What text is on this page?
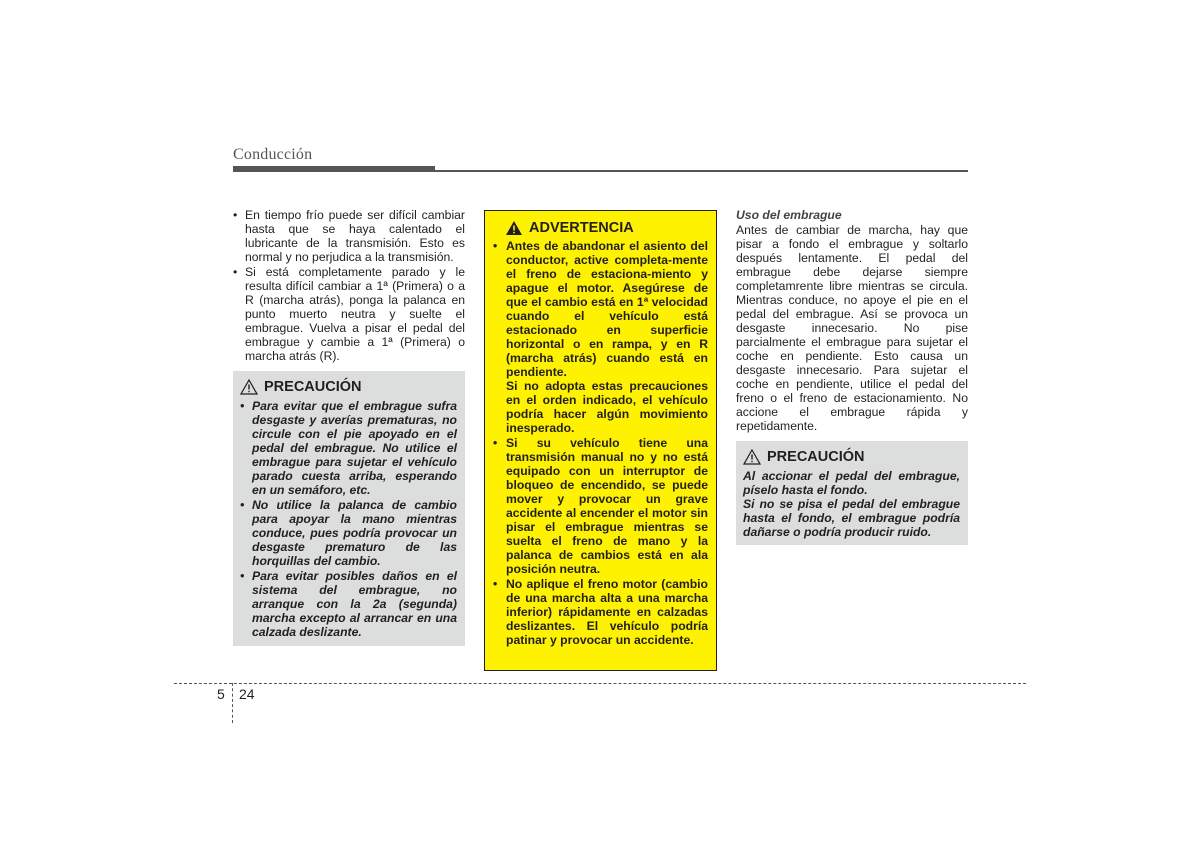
Conducción
• En tiempo frío puede ser difícil cambiar hasta que se haya calentado el lubricante de la transmisión. Esto es normal y no perjudica a la transmisión.
• Si está completamente parado y le resulta difícil cambiar a 1ª (Primera) o a R (marcha atrás), ponga la palanca en punto muerto neutra y suelte el embrague. Vuelva a pisar el pedal del embrague y cambie a 1ª (Primera) o marcha atrás (R).
PRECAUCIÓN
• Para evitar que el embrague sufra desgaste y averías prematuras, no circule con el pie apoyado en el pedal del embrague. No utilice el embrague para sujetar el vehículo parado cuesta arriba, esperando en un semáforo, etc.
• No utilice la palanca de cambio para apoyar la mano mientras conduce, pues podría provocar un desgaste prematuro de las horquillas del cambio.
• Para evitar posibles daños en el sistema del embrague, no arranque con la 2a (segunda) marcha excepto al arrancar en una calzada deslizante.
ADVERTENCIA
• Antes de abandonar el asiento del conductor, active completa-mente el freno de estaciona-miento y apague el motor. Asegúrese de que el cambio está en 1ª velocidad cuando el vehículo está estacionado en superficie horizontal o en rampa, y en R (marcha atrás) cuando está en pendiente.
Si no adopta estas precauciones en el orden indicado, el vehículo podría hacer algún movimiento inesperado.
• Si su vehículo tiene una transmisión manual no y no está equipado con un interruptor de bloqueo de encendido, se puede mover y provocar un grave accidente al encender el motor sin pisar el embrague mientras se suelta el freno de mano y la palanca de cambios está en ala posición neutra.
• No aplique el freno motor (cambio de una marcha alta a una marcha inferior) rápidamente en calzadas deslizantes. El vehículo podría patinar y provocar un accidente.
Uso del embrague
Antes de cambiar de marcha, hay que pisar a fondo el embrague y soltarlo después lentamente. El pedal del embrague debe dejarse siempre completamrente libre mientras se circula. Mientras conduce, no apoye el pie en el pedal del embrague. Así se provoca un desgaste innecesario. No pise parcialmente el embrague para sujetar el coche en pendiente. Esto causa un desgaste innecesario. Para sujetar el coche en pendiente, utilice el pedal del freno o el freno de estacionamiento. No accione el embrague rápida y repetidamente.
PRECAUCIÓN
Al accionar el pedal del embrague, píselo hasta el fondo.
Si no se pisa el pedal del embrague hasta el fondo, el embrague podría dañarse o podría producir ruido.
5 24
